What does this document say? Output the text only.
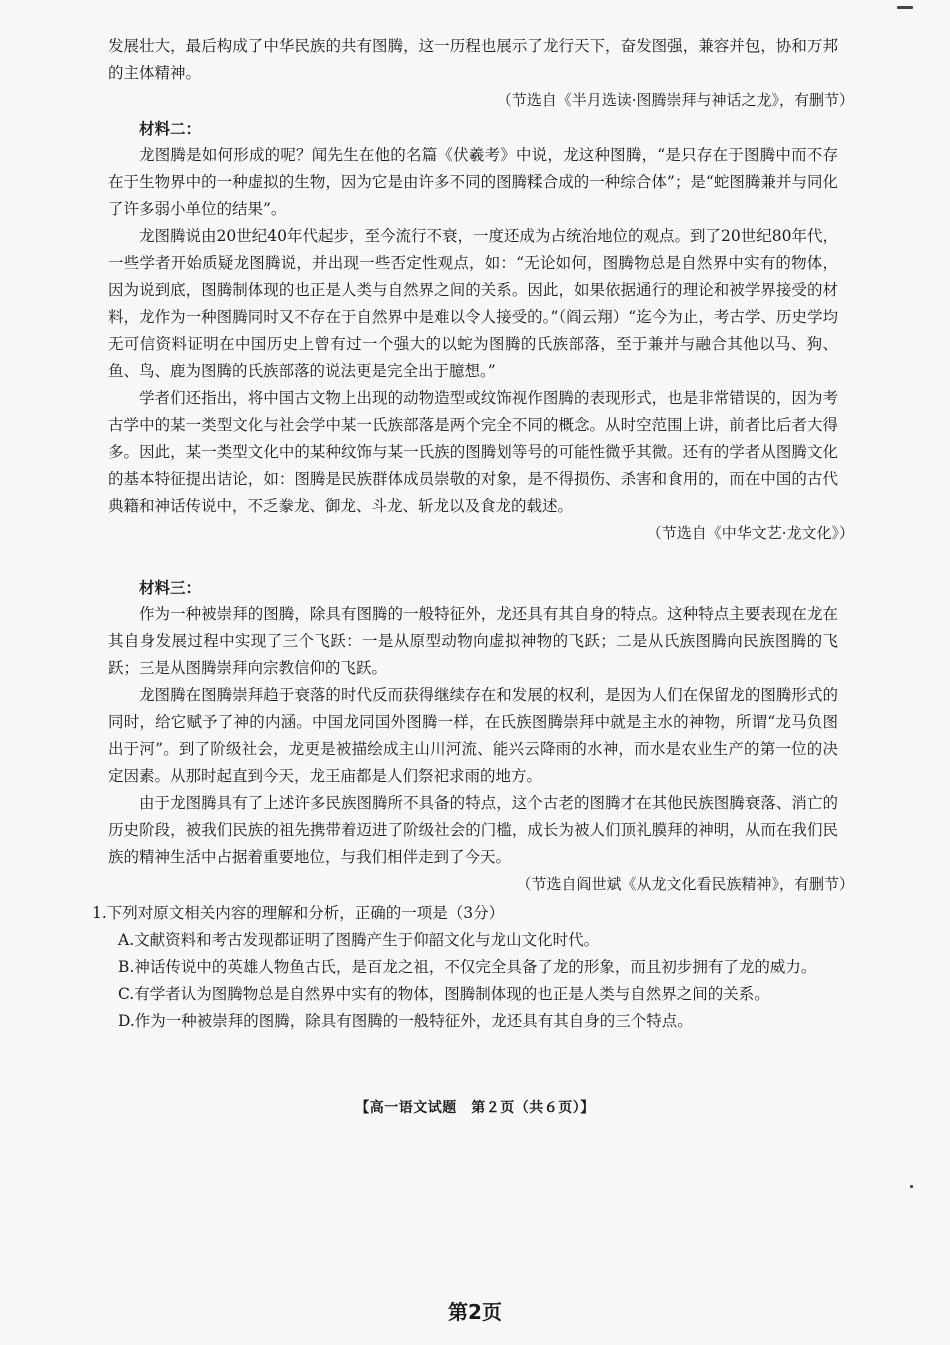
发展壮大，最后构成了中华民族的共有图腾，这一历程也展示了龙行天下，奋发图强，兼容并包，协和万邦的主体精神。

（节选自《半月选读·图腾崇拜与神话之龙》，有删节）

材料二：

龙图腾是如何形成的呢？闻先生在他的名篇《伏羲考》中说，龙这种图腾，“是只存在于图腾中而不存在于生物界中的一种虚拟的生物，因为它是由许多不同的图腾糅合成的一种综合体”；是“蛇图腾兼并与同化了许多弱小单位的结果”。

龙图腾说由20世纪40年代起步，至今流行不衰，一度还成为占统治地位的观点。到了20世纪80年代，一些学者开始质疑龙图腾说，并出现一些否定性观点，如：“无论如何，图腾物总是自然界中实有的物体，因为说到底，图腾制体现的也正是人类与自然界之间的关系。因此，如果依据通行的理论和被学界接受的材料，龙作为一种图腾同时又不存在于自然界中是难以令人接受的。”（阎云翔）“迄今为止，考古学、历史学均无可信资料证明在中国历史上曾有过一个强大的以蛇为图腾的氏族部落，至于兼并与融合其他以马、狗、鱼、鸟、鹿为图腾的氏族部落的说法更是完全出于臆想。”

学者们还指出，将中国古文物上出现的动物造型或纹饰视作图腾的表现形式，也是非常错误的，因为考古学中的某一类型文化与社会学中某一氏族部落是两个完全不同的概念。从时空范围上讲，前者比后者大得多。因此，某一类型文化中的某种纹饰与某一氏族的图腾划等号的可能性微乎其微。还有的学者从图腾文化的基本特征提出诘论，如：图腾是民族群体成员崇敬的对象，是不得损伤、杀害和食用的，而在中国的古代典籍和神话传说中，不乏豢龙、御龙、斗龙、斩龙以及食龙的载述。

（节选自《中华文艺·龙文化》）

材料三：

作为一种被崇拜的图腾，除具有图腾的一般特征外，龙还具有其自身的特点。这种特点主要表现在龙在其自身发展过程中实现了三个飞跃：一是从原型动物向虚拟神物的飞跃；二是从氏族图腾向民族图腾的飞跃；三是从图腾崇拜向宗教信仰的飞跃。

龙图腾在图腾崇拜趋于衰落的时代反而获得继续存在和发展的权利，是因为人们在保留龙的图腾形式的同时，给它赋予了神的内涵。中国龙同国外图腾一样，在氏族图腾崇拜中就是主水的神物，所谓“龙马负图出于河”。到了阶级社会，龙更是被描绘成主山川河流、能兴云降雨的水神，而水是农业生产的第一位的决定因素。从那时起直到今天，龙王庙都是人们祭祀求雨的地方。

由于龙图腾具有了上述许多民族图腾所不具备的特点，这个古老的图腾才在其他民族图腾衰落、消亡的历史阶段，被我们民族的祖先携带着迈进了阶级社会的门槛，成长为被人们顶礼膜拜的神明，从而在我们民族的精神生活中占据着重要地位，与我们相伴走到了今天。

（节选自阎世斌《从龙文化看民族精神》，有删节）

1.下列对原文相关内容的理解和分析，正确的一项是（3分）

A.文献资料和考古发现都证明了图腾产生于仰韶文化与龙山文化时代。

B.神话传说中的英雄人物鱼古氏，是百龙之祖，不仅完全具备了龙的形象，而且初步拥有了龙的威力。

C.有学者认为图腾物总是自然界中实有的物体，图腾制体现的也正是人类与自然界之间的关系。

D.作为一种被崇拜的图腾，除具有图腾的一般特征外，龙还具有其自身的三个特点。

【高一语文试题　第２页（共６页）】
第2页
